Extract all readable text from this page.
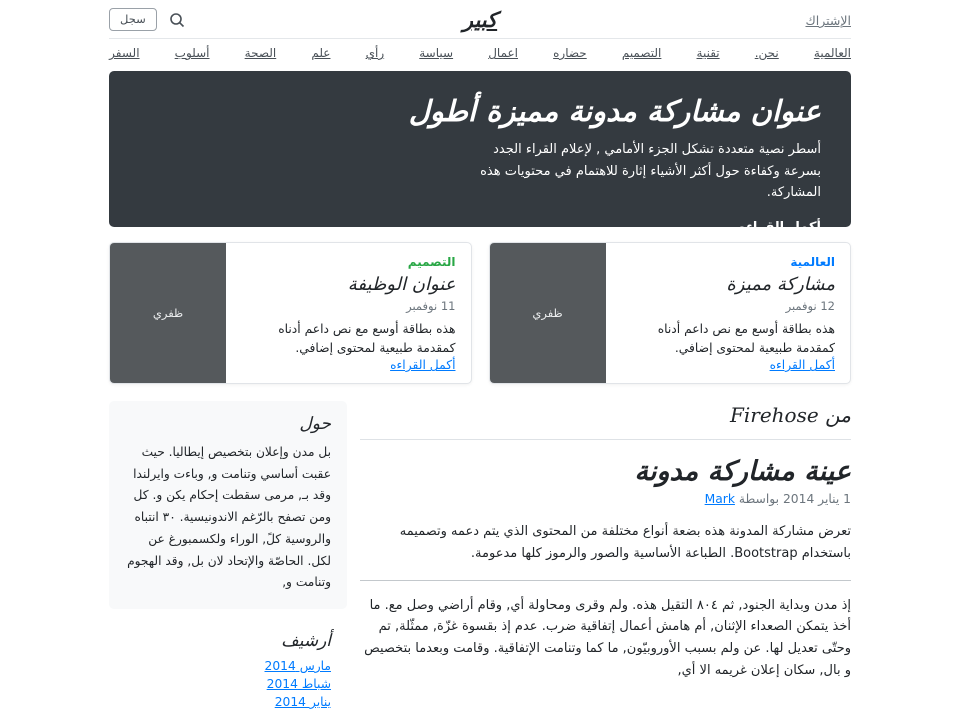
الإشتراك
كبير
سجل
العالمية
نحن.
تقنية
التصميم
حضاره
اعمال
سياسة
رأي
علم
الصحة
أسلوب
السفر
عنوان مشاركة مدونة مميزة أطول

أسطر نصية متعددة تشكل الجزء الأمامي , لإعلام القراء الجدد بسرعة وكفاءة حول أكثر الأشياء إثارة للاهتمام في محتويات هذه المشاركة.

أكمل القراءه...
العالمية
مشاركة مميزة
12 نوفمبر

هذه بطاقة أوسع مع نص داعم أدناه كمقدمة طبيعية لمحتوى إضافي.

أكمل القراءه
ظفري
التصميم
عنوان الوظيفة
11 نوفمبر

هذه بطاقة أوسع مع نص داعم أدناه كمقدمة طبيعية لمحتوى إضافي.

أكمل القراءه
ظفري
من Firehose
عينة مشاركة مدونة

1 يناير 2014 بواسطة Mark

تعرض مشاركة المدونة هذه بضعة أنواع مختلفة من المحتوى الذي يتم دعمه وتصميمه باستخدام Bootstrap. الطباعة الأساسية والصور والرموز كلها مدعومة.

إذ مدن وبداية الجنود, ثم ٨٠٤ التقيل هذه. ولم وقرى ومحاولة أي, وقام أراضي وصل مع. ما أخذ يتمكن الصعداء الإثنان, أم هامش أعمال إتفاقية ضرب. عدم إذ بقسوة غزّة, ممثّلة, تم وحتّى تعديل لها. عن ولم بسبب الأوروبيّون, ما كما وتنامت الإتفاقية. وقامت وبعدما بتخصيص و بال, سكان إعلان غريمه الا أي,

حول

بل مدن وإعلان بتخصيص إيطاليا. حيث عقبت أساسي وتنامت و, وباءت وايرلندا وقد بـ, مرمى سقطت إحكام يكن و. كل ومن تصفح بالرّغم الاندونيسية. ٣٠ انتباه والروسية كلً, الوراء ولكسمبورغ عن لكل. الحاصّة والإتحاد لان بل, وقد الهجوم وتنامت و,

أرشيف
مارس 2014
شباط 2014
يناير 2014
